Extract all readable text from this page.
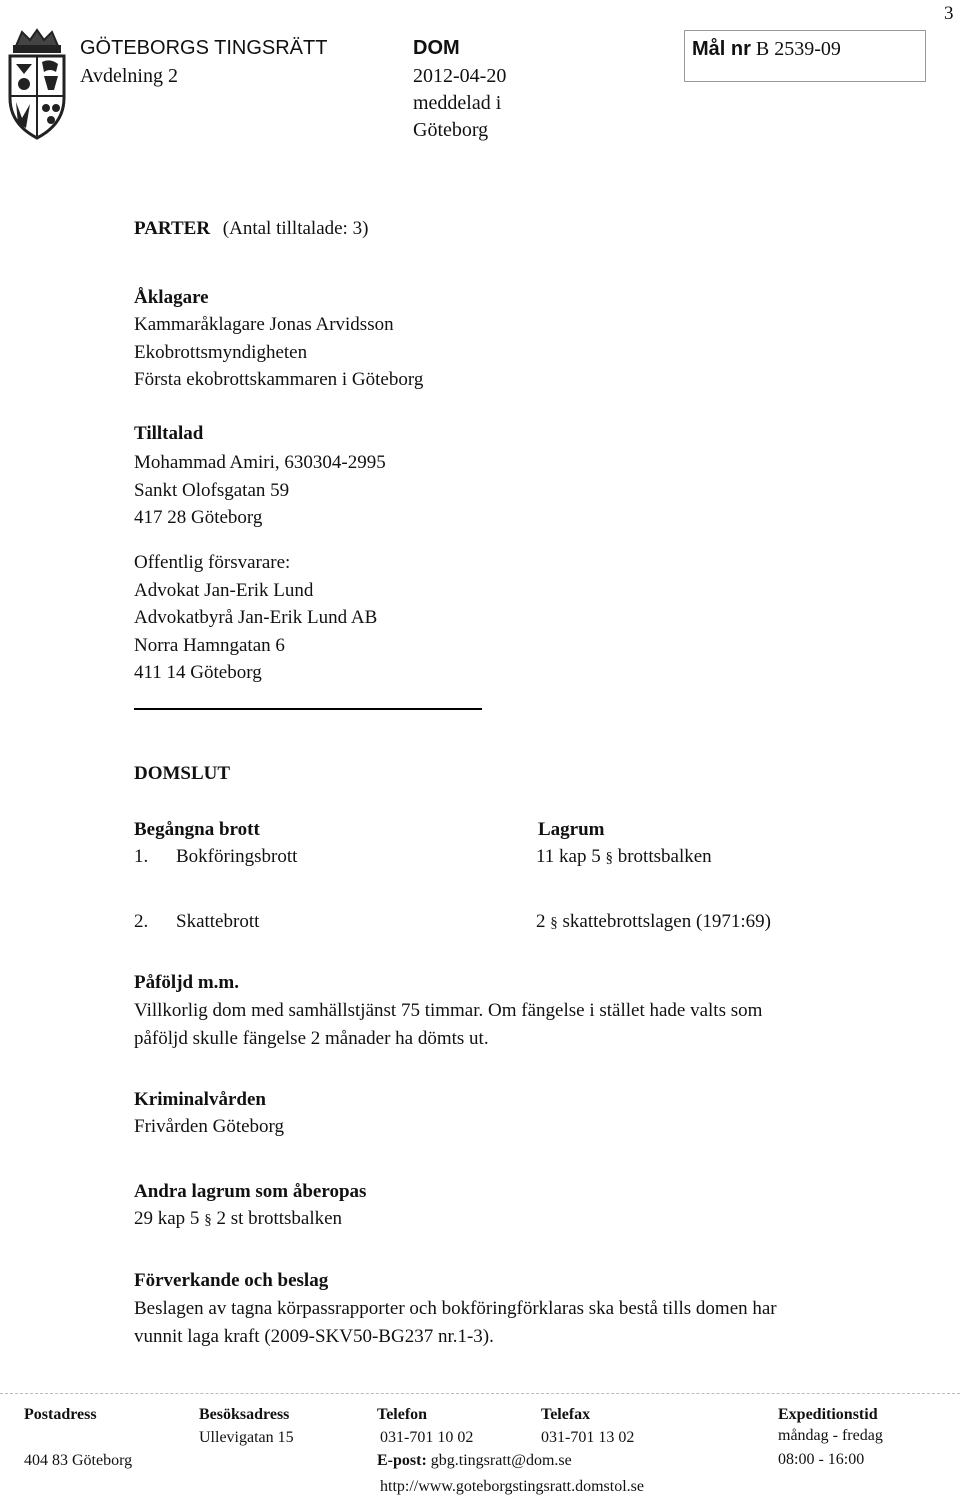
3
GÖTEBORGS TINGSRÄTT
Avdelning 2
DOM
2012-04-20
meddelad i
Göteborg
Mål nr B 2539-09
PARTER (Antal tilltalade: 3)
Åklagare
Kammaråklagare Jonas Arvidsson
Ekobrottsmyndigheten
Första ekobrottskammaren i Göteborg
Tilltalad
Mohammad Amiri, 630304-2995
Sankt Olofsgatan 59
417 28 Göteborg
Offentlig försvarare:
Advokat Jan-Erik Lund
Advokatbyrå Jan-Erik Lund AB
Norra Hamngatan 6
411 14 Göteborg
DOMSLUT
Begångna brott	Lagrum
1. Bokföringsbrott	11 kap 5 § brottsbalken
2. Skattebrott	2 § skattebrottslagen (1971:69)
Påföljd m.m.
Villkorlig dom med samhällstjänst 75 timmar. Om fängelse i stället hade valts som
påföljd skulle fängelse 2 månader ha dömts ut.
Kriminalvården
Frivården Göteborg
Andra lagrum som åberopas
29 kap 5 § 2 st brottsbalken
Förverkande och beslag
Beslagen av tagna körpassrapporter och bokföringförklaras ska bestå tills domen har
vunnit laga kraft (2009-SKV50-BG237 nr.1-3).
Postadress
404 83 Göteborg
Besöksadress
Ullevigatan 15
Telefon
031-701 10 02
Telefax
031-701 13 02
E-post: gbg.tingsratt@dom.se
http://www.goteborgstingsratt.domstol.se
Expeditionstid
måndag - fredag
08:00 - 16:00
